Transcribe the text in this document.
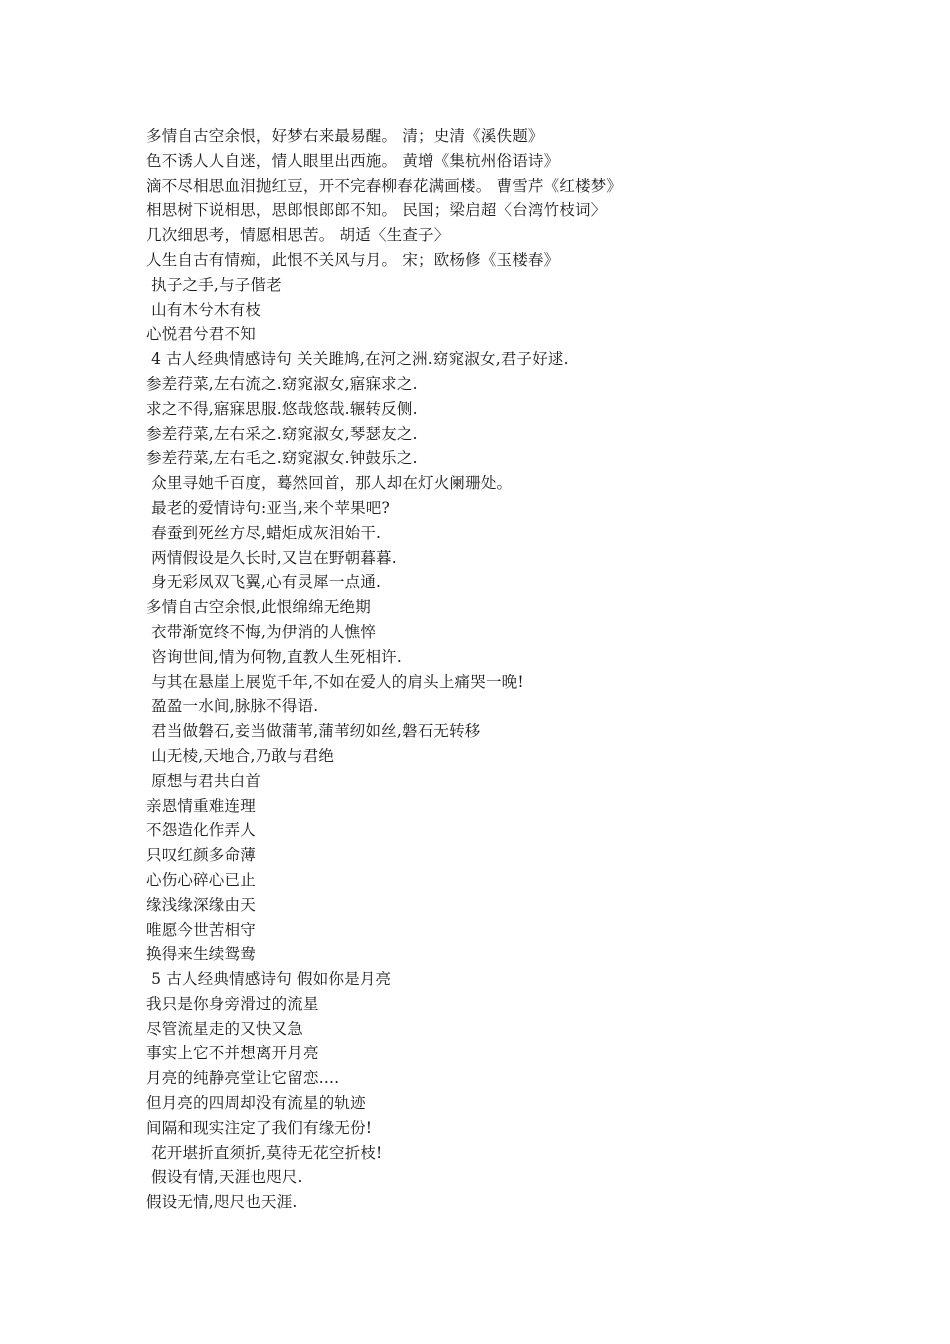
多情自古空余恨，好梦右来最易醒。 清；史清《溪佚题》
色不诱人人自迷，情人眼里出西施。 黄增《集杭州俗语诗》
滴不尽相思血泪抛红豆，开不完春柳春花满画楼。 曹雪芹《红楼梦》
相思树下说相思，思郎恨郎郎不知。 民国；梁启超〈台湾竹枝词〉
几次细思考，情愿相思苦。 胡适〈生查子〉
人生自古有情痴，此恨不关风与月。 宋；欧杨修《玉楼春》
执子之手,与子偕老
山有木兮木有枝
心悦君兮君不知
4 古人经典情感诗句 关关雎鸠,在河之洲.窈窕淑女,君子好逑.
参差荇菜,左右流之.窈窕淑女,寤寐求之.
求之不得,寤寐思服.悠哉悠哉.辗转反侧.
参差荇菜,左右采之.窈窕淑女,琴瑟友之.
参差荇菜,左右毛之.窈窕淑女.钟鼓乐之.
众里寻她千百度，蓦然回首，那人却在灯火阑珊处。
最老的爱情诗句:亚当,来个苹果吧?
春蚕到死丝方尽,蜡炬成灰泪始干.
两情假设是久长时,又岂在野朝暮暮.
身无彩凤双飞翼,心有灵犀一点通.
多情自古空余恨,此恨绵绵无绝期
衣带渐宽终不悔,为伊消的人憔悴
咨询世间,情为何物,直教人生死相许.
与其在悬崖上展览千年,不如在爱人的肩头上痛哭一晚!
盈盈一水间,脉脉不得语.
君当做磐石,妾当做蒲苇,蒲苇纫如丝,磐石无转移
山无棱,天地合,乃敢与君绝
原想与君共白首
亲恩情重难连理
不怨造化作弄人
只叹红颜多命薄
心伤心碎心已止
缘浅缘深缘由天
唯愿今世苦相守
换得来生续鸳鸯
5 古人经典情感诗句 假如你是月亮
我只是你身旁滑过的流星
尽管流星走的又快又急
事实上它不并想离开月亮
月亮的纯静亮堂让它留恋....
但月亮的四周却没有流星的轨迹
间隔和现实注定了我们有缘无份!
花开堪折直须折,莫待无花空折枝!
假设有情,天涯也咫尺.
假设无情,咫尺也天涯.
